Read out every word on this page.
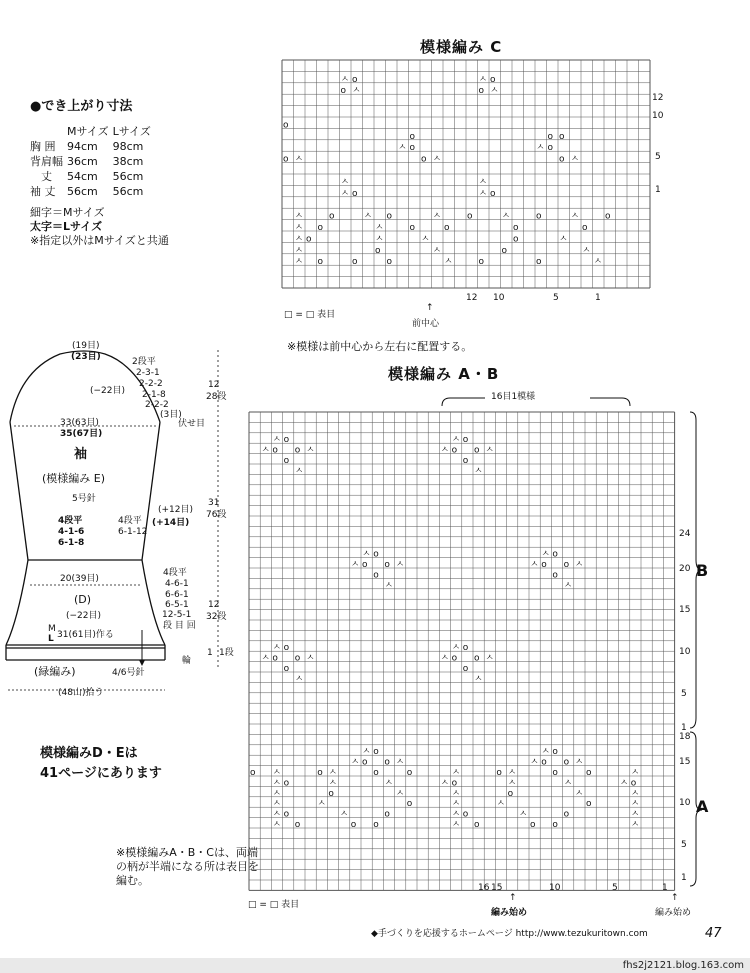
模様編み C
ㅅ o
o ㅅ
ㅅ o
o ㅅ
o
o
ㅅ o
o o
ㅅ o
o ㅅ	o ㅅ	o ㅅ
ㅅ
ㅅ o
ㅅ
ㅅ o
ㅅ	o	ㅅ o	ㅅ	o	ㅅ	o	ㅅ	o
ㅅ o	ㅅ	o	o	o	o
ㅅ o	ㅅ	ㅅ	o	ㅅ
ㅅ	o	ㅅ	o	ㅅ
ㅅ o	o	o	ㅅ	o	o	ㅅ
12
10
5
1
12 10	5	1
□ = □ 表目
↑
前中心
※模様は前中心から左右に配置する。
●でき上がり寸法
	Mサイズ	Lサイズ
胸 囲	94cm	98cm
背肩幅	36cm	38cm
丈	54cm	56cm
袖 丈	56cm	56cm
細字＝Mサイズ
太字＝Lサイズ
※指定以外はMサイズと共通
(19目)
(23目)	2段平
2-3-1
2-2-2
2-1-8
2-2-2
(3目)
伏せ目
(−22目)
33(63目)
35(67目)
袖
(模様編み E)
5号針
4段平
4-1-6
6-1-8
4段平
6-1-12
(+12目)
(+14目)
12
28段
31
76段
12
32段
1 1段
20(39目)
(D)
(−22目)
M
L 31(61目)作る
4段平
4-6-1
6-6-1
6-5-1
12-5-1
段 目 回
輪
(緑編み)	4/6号針
(48山)拾う
模様編みD・Eは
41ページにあります
模様編み A・B
16目1模様
ㅅ o
ㅅ o o ㅅ
o
ㅅ
ㅅ o
ㅅ o o ㅅ
o
ㅅ
ㅅ o
ㅅ o o ㅅ
o
ㅅ
ㅅ o
ㅅ o o ㅅ
o
ㅅ
ㅅ o
ㅅ o o ㅅ
o
ㅅ
ㅅ o
ㅅ o o ㅅ
o
ㅅ
ㅅ o
ㅅ o o ㅅ
ㅅ o
ㅅ o o ㅅ
o ㅅ	o ㅅ	o	o	ㅅ	o ㅅ	o	o	ㅅ
ㅅ o	ㅅ	ㅅ	ㅅ o	ㅅ	ㅅ	ㅅ o
ㅅ	o	ㅅ	ㅅ	o	ㅅ	ㅅ
ㅅ	ㅅ	o	ㅅ	ㅅ	o	ㅅ
ㅅ o	ㅅ	o	ㅅ o	ㅅ	o	ㅅ
ㅅ o	o o	ㅅ o	o o	ㅅ
24
20
15
10
5
1
18
15
10
5
1
B
A
16 15	10	5	1
□ = □ 表目
↑
編み始め
↑
編み始め
※模様編みA・B・Cは、両端の柄が半端になる所は表目を編む。
◆手づくりを応援するホームページ http://www.tezukuritown.com	47
fhs2j2121.blog.163.com
